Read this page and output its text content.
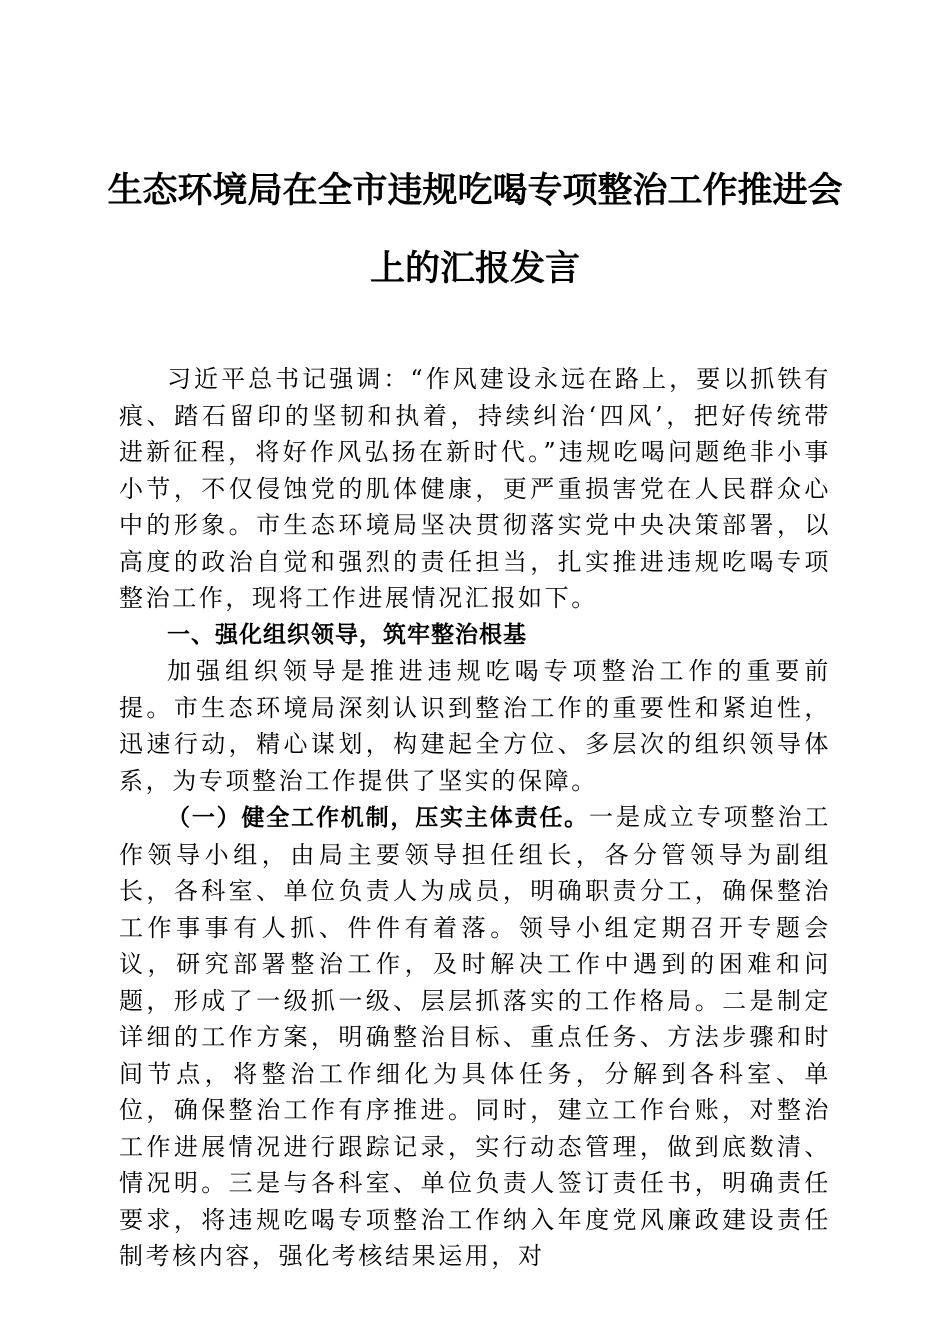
生态环境局在全市违规吃喝专项整治工作推进会上的汇报发言

习近平总书记强调：“作风建设永远在路上，要以抓铁有痕、踏石留印的坚韧和执着，持续纠治‘四风’，把好传统带进新征程，将好作风弘扬在新时代。”违规吃喝问题绝非小事小节，不仅侵蚀党的肌体健康，更严重损害党在人民群众心中的形象。市生态环境局坚决贯彻落实党中央决策部署，以高度的政治自觉和强烈的责任担当，扎实推进违规吃喝专项整治工作，现将工作进展情况汇报如下。

一、强化组织领导，筑牢整治根基

加强组织领导是推进违规吃喝专项整治工作的重要前提。市生态环境局深刻认识到整治工作的重要性和紧迫性，迅速行动，精心谋划，构建起全方位、多层次的组织领导体系，为专项整治工作提供了坚实的保障。

（一）健全工作机制，压实主体责任。一是成立专项整治工作领导小组，由局主要领导担任组长，各分管领导为副组长，各科室、单位负责人为成员，明确职责分工，确保整治工作事事有人抓、件件有着落。领导小组定期召开专题会议，研究部署整治工作，及时解决工作中遇到的困难和问题，形成了一级抓一级、层层抓落实的工作格局。二是制定详细的工作方案，明确整治目标、重点任务、方法步骤和时间节点，将整治工作细化为具体任务，分解到各科室、单位，确保整治工作有序推进。同时，建立工作台账，对整治工作进展情况进行跟踪记录，实行动态管理，做到底数清、情况明。三是与各科室、单位负责人签订责任书，明确责任要求，将违规吃喝专项整治工作纳入年度党风廉政建设责任制考核内容，强化考核结果运用，对
